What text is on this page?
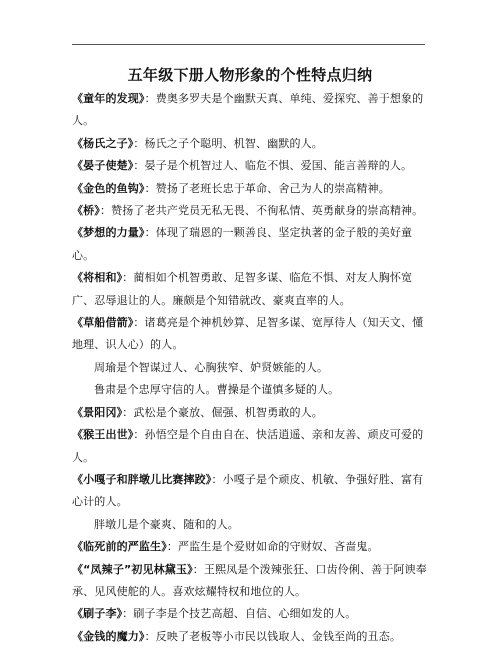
五年级下册人物形象的个性特点归纳

《童年的发现》：费奥多罗夫是个幽默天真、单纯、爱探究、善于想象的人。

《杨氏之子》：杨氏之子个聪明、机智、幽默的人。

《晏子使楚》：晏子是个机智过人、临危不惧、爱国、能言善辩的人。

《金色的鱼钩》：赞扬了老班长忠于革命、舍己为人的崇高精神。

《桥》：赞扬了老共产党员无私无畏、不徇私情、英勇献身的崇高精神。

《梦想的力量》：体现了瑞恩的一颗善良、坚定执著的金子般的美好童心。

《将相和》：蔺相如个机智勇敢、足智多谋、临危不惧、对友人胸怀宽广、忍辱退让的人。廉颇是个知错就改、豪爽直率的人。

《草船借箭》：诸葛亮是个神机妙算、足智多谋、宽厚待人（知天文、懂地理、识人心）的人。

周瑜是个智谋过人、心胸狭窄、妒贤嫉能的人。

鲁肃是个忠厚守信的人。曹操是个谨慎多疑的人。

《景阳冈》：武松是个豪放、倔强、机智勇敢的人。

《猴王出世》：孙悟空是个自由自在、快活逍遥、亲和友善、顽皮可爱的人。

《小嘎子和胖墩儿比赛摔跤》：小嘎子是个顽皮、机敏、争强好胜、富有心计的人。

胖墩儿是个豪爽、随和的人。

《临死前的严监生》：严监生是个爱财如命的守财奴、吝啬鬼。

《“凤辣子”初见林黛玉》：王熙凤是个泼辣张狂、口齿伶俐、善于阿谀奉承、见风使舵的人。喜欢炫耀特权和地位的人。

《刷子李》：刷子李是个技艺高超、自信、心细如发的人。

《金钱的魔力》：反映了老板等小市民以钱取人、金钱至尚的丑态。
